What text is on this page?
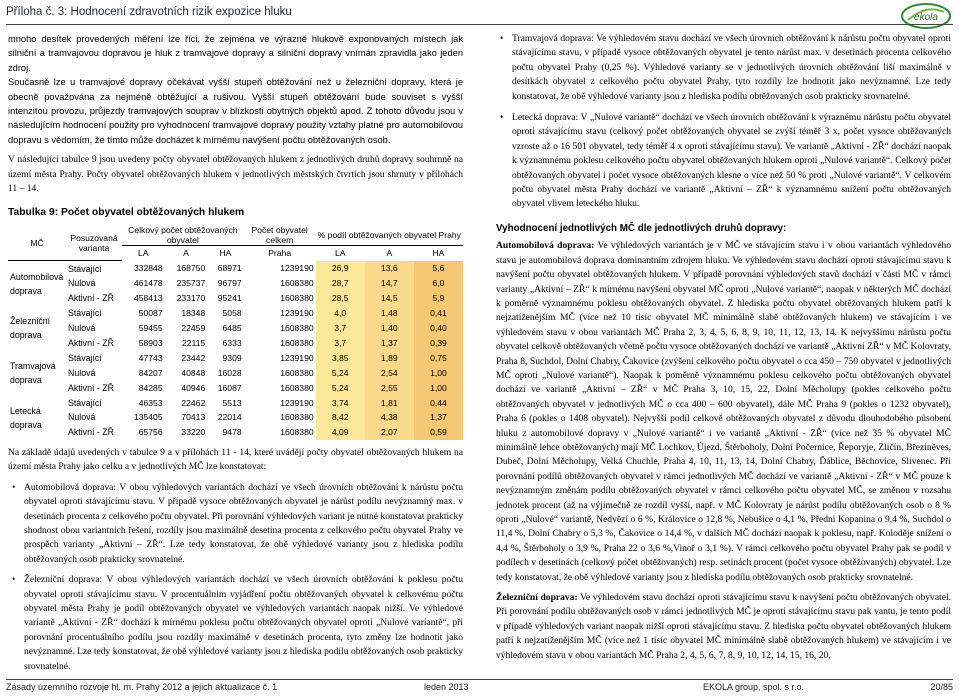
Příloha č. 3: Hodnocení zdravotních rizik expozice hluku	ekola
mnoho desítek provedených měření lze říci, že zejména ve výrazně hlukově exponovaných místech jak silniční a tramvajovou dopravou je hluk z tramvajové dopravy a silniční dopravy vnímán zpravidla jako jeden zdroj.
Současně lze u tramvajové dopravy očekávat vyšší stupeň obtěžování než u železniční dopravy, která je obecně považována za nejméně obtěžující a rušivou. Vyšší stupeň obtěžování bude souviset s vyšší intenzitou provozu, průjezdy tramvajových souprav v blízkosti obytných objektů apod. Z tohoto důvodu jsou v následujícím hodnocení použity pro vyhodnocení tramvajové dopravy použity vztahy platné pro automobilovou dopravu s vědomím, že tímto může docházet k mírnému navýšení počtu obtěžovaných osob.
V následující tabulce 9 jsou uvedeny počty obyvatel obtěžovaných hlukem z jednotlivých druhů dopravy souhrnně na území města Prahy. Počty obyvatel obtěžovaných hlukem v jednotlivých městských čtvrtích jsou shrnuty v přílohách 11 – 14.
Tabulka 9: Počet obyvatel obtěžovaných hlukem
MČ	Posuzovaná varianta	Celkový počet obtěžovaných obyvatel			Počet obyvatel celkem	% podíl obtěžovaných obyvatel Prahy		
		LA	A	HA	Praha	LA	A	HA
Automobilová doprava	Stávající	332848	168750	68971	1239190	26,9	13,6	5,6
	Nulová	461478	235737	96797	1608380	28,7	14,7	6,0
	Aktivní - ZŘ	458413	233170	95241	1608380	28,5	14,5	5,9
Železniční doprava	Stávající	50087	18348	5058	1239190	4,0	1,48	0,41
	Nulová	59455	22459	6485	1608380	3,7	1,40	0,40
	Aktivní - ZŘ	58903	22115	6333	1608380	3,7	1,37	0,39
Tramvajová doprava	Stávající	47743	23442	9309	1239190	3,85	1,89	0,75
	Nulová	84207	40848	16028	1608380	5,24	2,54	1,00
	Aktivní - ZŘ	84285	40946	16087	1608380	5,24	2,55	1,00
Letecká doprava	Stávající	46353	22462	5513	1239190	3,74	1,81	0,44
	Nulová	135405	70413	22014	1608380	8,42	4,38	1,37
	Aktivní - ZŘ	65756	33220	9478	1608380	4,09	2,07	0,59
Na základě údajů uvedených v tabulce 9 a v přílohách 11 - 14, které uvádějí počty obyvatel obtěžovaných hlukem na území města Prahy jako celku a v jednotlivých MČ lze konstatovat:
• Automobilová doprava: V obou výhledových variantách dochází ve všech úrovních obtěžování k nárůstu počtu obyvatel oproti stávajícímu stavu. V případě vysoce obtěžovaných obyvatel je nárůst podílu nevýznamný max. v desetinách procenta z celkového počtu obyvatel. Při porovnání výhledových variant je nutné konstatovat prakticky shodnost obou variantních řešení, rozdíly jsou maximálně desetina procenta z celkového počtu obyvatel Prahy ve prospěch varianty „Aktivní – ZŘ“. Lze tedy konstatovat, že obě výhledové varianty jsou z hlediska podílu obtěžovaných osob prakticky srovnatelné.
• Železniční doprava: V obou výhledových variantách dochází ve všech úrovních obtěžování k poklesu počtu obyvatel oproti stávajícímu stavu. V procentuálním vyjádření počtu obtěžovaných obyvatel k celkovému počtu obyvatel města Prahy je podíl obtěžovaných obyvatel ve výhledových variantách naopak nižší. Ve výhledové variantě „Aktivní - ZŘ“ dochází k mírnému poklesu počtu obtěžovaných obyvatel oproti „Nulové variantě“, při porovnání procentuálního podílu jsou rozdíly maximálně v desetinách procenta, tyto změny lze hodnotit jako nevýznamné. Lze tedy konstatovat, že obě výhledové varianty jsou z hlediska podílu obtěžovaných osob prakticky srovnatelné.
• Tramvajová doprava: Ve výhledovém stavu dochází ve všech úrovních obtěžování k nárůstu počtu obyvatel oproti stávajícímu stavu, v případě vysoce obtěžovaných obyvatel je tento nárůst max. v desetinách procenta celkového počtu obyvatel Prahy (0,25 %). Výhledové varianty se v jednotlivých úrovních obtěžování liší maximálně v desítkách obyvatel z celkového počtu obyvatel Prahy, tyto rozdíly lze hodnotit jako nevýznamné. Lze tedy konstatovat, že obě výhledové varianty jsou z hlediska podílu obtěžovaných osob prakticky srovnatelné.
• Letecká doprava: V „Nulové variantě“ dochází ve všech úrovních obtěžování k výraznému nárůstu počtu obyvatel oproti stávajícímu stavu (celkový počet obtěžovaných obyvatel se zvýší téměř 3 x, počet vysoce obtěžovaných vzroste až o 16 501 obyvatel, tedy téměř 4 x oproti stávajícímu stavu). Ve variantě „Aktivní - ZŘ“ dochází naopak k významnému poklesu celkového počtu obyvatel obtěžovaných hlukem oproti „Nulové variantě“. Celkový počet obtěžovaných obyvatel i počet vysoce obtěžovaných klesne o více než 50 % proti „Nulové variantě“. V celkovém počtu obyvatel města Prahy dochází ve variantě „Aktivní – ZŘ“ k významnému snížení počtu obtěžovaných obyvatel vlivem leteckého hluku.
Vyhodnocení jednotlivých MČ dle jednotlivých druhů dopravy:
Automobilová doprava: Ve výhledových variantách je v MČ ve stávajícím stavu i v obou variantách výhledového stavu je automobilová doprava dominantním zdrojem hluku. Ve výhledovém stavu dochází oproti stávajícímu stavu k navýšení počtu obyvatel obtěžovaných hlukem. V případě porovnání výhledových stavů dochází v části MČ v rámci varianty „Aktivní – ZŘ“ k mírnému navýšení obyvatel MČ oproti „Nulové variantě“, naopak v některých MČ dochází k poměrně významnému poklesu obtěžovaných obyvatel. Z hlediska počtu obyvatel obtěžovaných hlukem patří k nejzatíženějším MČ (více než 10 tisíc obyvatel MČ minimálně slabě obtěžovaných hlukem) ve stávajícím i ve výhledovém stavu v obou variantách MČ Praha 2, 3, 4, 5, 6, 8, 9, 10, 11, 12, 13, 14. K nejvyššímu nárůstu počtu obyvatel celkově obtěžovaných včetně počtu vysoce obtěžovaných dochází ve variantě „Aktivní ZŘ“ v MČ Kolovraty, Praha 8, Suchdol, Dolní Chabry, Čakovice (zvýšení celkového počtu obyvatel o cca 450 – 750 obyvatel v jednotlivých MČ oproti „Nulové variantě“). Naopak k poměrně významnému poklesu celkového počtu obtěžovaných obyvatel dochází ve variantě „Aktivní – ZŘ“ v MČ Praha 3, 10, 15, 22, Dolní Měcholupy (pokles celkového počtu obtěžovaných obyvatel v jednotlivých MČ o cca 400 – 600 obyvatel), dále MČ Praha 9 (pokles o 1232 obyvatel), Praha 6 (pokles o 1408 obyvatel). Nejvyšší podíl celkově obtěžovaných obyvatel z důvodu dlouhodobého působení hluku z automobilové dopravy v „Nulové variantě“ i ve variantě „Aktivní - ZŘ“ (více než 35 % obyvatel MČ minimálně lehce obtěžovaných) mají MČ Lochkov, Újezd, Štěrboholy, Dolní Počernice, Řeporyje, Zličín, Březiněves, Dubeč, Dolní Měcholupy, Velká Chuchle, Praha 4, 10, 11, 13, 14, Dolní Chabry, Ďáblice, Běchovice, Slivenec. Při porovnání podílů obtěžovaných obyvatel v rámci jednotlivých MČ dochází ve variantě „Aktivní - ZŘ“ v MČ pouze k nevýznamným změnám podílu obtěžovaných obyvatel v rámci celkového počtu obyvatel MČ, se změnou v rozsahu jednotek procent (až na výjimečně ze rozdíl vyšší, např. v MČ Kolovraty je nárůst podílu obtěžovaných osob o 8 % oproti „Nulové“ variantě, Nedvězí o 6 %, Královice o 12,8 %, Nebušice o 4,1 %, Předni Kopanina o 9,4 %, Suchdol o 11,4 %, Dolní Chabry o 5,3 %, Čakovice o 14,4 %, v dalších MČ dochází naopak k poklesu, např. Koloděje snížení o 4,4 %, Štěrboholy o 3,9 %, Praha 22 o 3,6 %,Vinoř o 3,1 %). V rámci celkového počtu obyvatel Prahy pak se podíl v podílech v desetinách (celkový počet obtěžovaných) resp. setinách procent (počet vysoce obtěžovaných) obyvatel. Lze tedy konstatovat, že obě výhledové varianty jsou z hlediska podílu obtěžovaných osob prakticky srovnatelné.
Železniční doprava: Ve výhledovém stavu dochází oproti stávajícímu stavu k navýšení počtu obtěžovaných obyvatel. Při porovnání podílu obtěžovaných osob v rámci jednotlivých MČ je oproti stávajícímu stavu pak vantu, je tento podíl v případě výhledových variant naopak nižší oproti stávajícímu stavu. Z hlediska počtu obyvatel obtěžovaných hlukem patří k nejzatíženějším MČ (více než 1 tisíc obyvatel MČ minimálně slabě obtěžovaných hlukem) ve stávajícím i ve výhledovém stavu v obou variantách MČ Praha 2, 4, 5, 6, 7, 8, 9, 10, 12, 14, 15, 16, 20,
Zásady územního rozvoje hl. m. Prahy 2012 a jejich aktualizace č. 1	leden 2013	EKOLA group, spol. s r.o.	20/85
